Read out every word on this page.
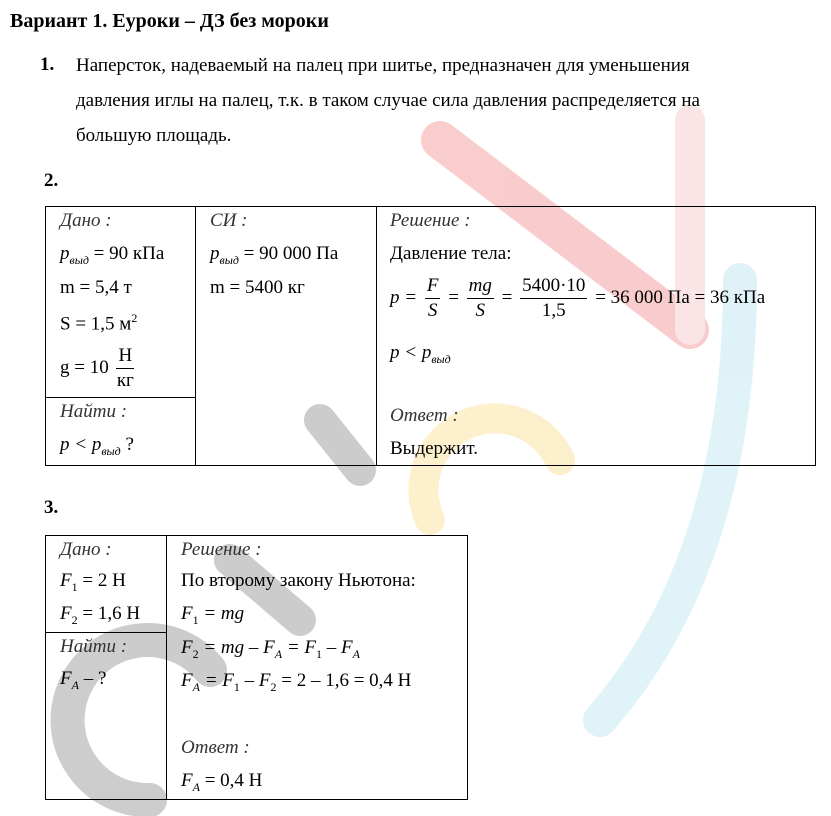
Вариант 1. Еуроки – ДЗ без мороки
1. Наперсток, надеваемый на палец при шитье, предназначен для уменьшения
давления иглы на палец, т.к. в таком случае сила давления распределяется на
большую площадь.
2.
Дано :
$p_{выд} = 90$ кПа
m = 5,4 т
S = 1,5 $м^2$
$g = 10 \frac{Н}{кг}$
Найти :
$p < p_{выд}$ ?
СИ :
$p_{выд} = 90$ 000 Па
m = 5400 кг
Решение :
Давление тела:
$p = \frac{F}{S} = \frac{mg}{S} = \frac{5400\cdot 10}{1,5} = 36$ 000 Па = 36 кПа
$p < p_{выд}$
Ответ :
Выдержит.
3.
Дано :
$F_1 = 2$ Н
$F_2 = 1,6$ Н
Найти :
$F_A$ – ?
Решение :
По второму закону Ньютона:
$F_1$ = mg
$F_2$ = mg – $F_A = F_1 - F_A$
$F_A = F_1 - F_2 = 2 - 1,6 = 0,4$ Н
Ответ :
$F_A = 0,4$ Н
